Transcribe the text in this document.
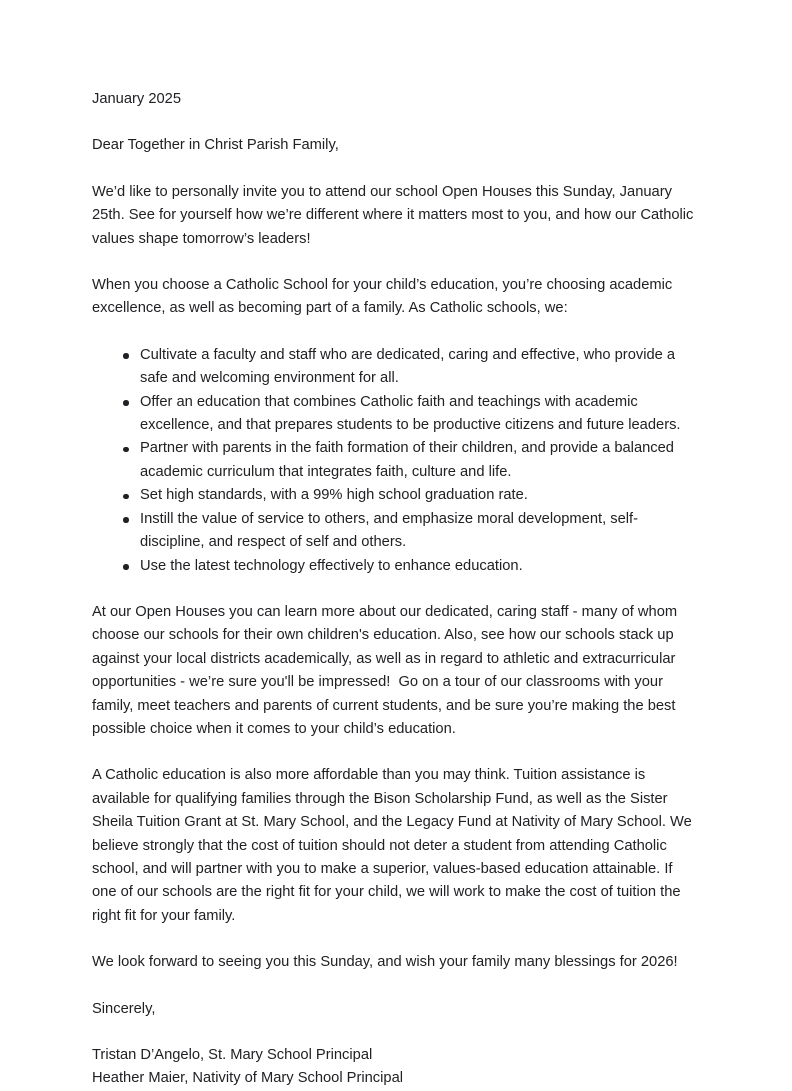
January 2025

Dear Together in Christ Parish Family,

We’d like to personally invite you to attend our school Open Houses this Sunday, January 25th. See for yourself how we’re different where it matters most to you, and how our Catholic values shape tomorrow’s leaders!

When you choose a Catholic School for your child’s education, you’re choosing academic excellence, as well as becoming part of a family. As Catholic schools, we:

Cultivate a faculty and staff who are dedicated, caring and effective, who provide a safe and welcoming environment for all.
Offer an education that combines Catholic faith and teachings with academic excellence, and that prepares students to be productive citizens and future leaders.
Partner with parents in the faith formation of their children, and provide a balanced academic curriculum that integrates faith, culture and life.
Set high standards, with a 99% high school graduation rate.
Instill the value of service to others, and emphasize moral development, self-discipline, and respect of self and others.
Use the latest technology effectively to enhance education.

At our Open Houses you can learn more about our dedicated, caring staff - many of whom choose our schools for their own children's education. Also, see how our schools stack up against your local districts academically, as well as in regard to athletic and extracurricular opportunities - we’re sure you'll be impressed!  Go on a tour of our classrooms with your family, meet teachers and parents of current students, and be sure you’re making the best possible choice when it comes to your child’s education.

A Catholic education is also more affordable than you may think. Tuition assistance is available for qualifying families through the Bison Scholarship Fund, as well as the Sister Sheila Tuition Grant at St. Mary School, and the Legacy Fund at Nativity of Mary School. We believe strongly that the cost of tuition should not deter a student from attending Catholic school, and will partner with you to make a superior, values-based education attainable. If one of our schools are the right fit for your child, we will work to make the cost of tuition the right fit for your family.

We look forward to seeing you this Sunday, and wish your family many blessings for 2026!

Sincerely,

Tristan D’Angelo, St. Mary School Principal

Heather Maier, Nativity of Mary School Principal
